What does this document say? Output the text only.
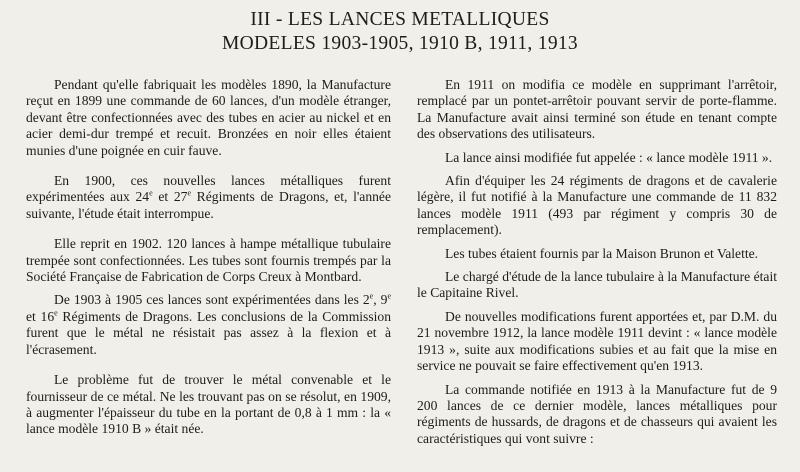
III - LES LANCES METALLIQUES
MODELES 1903-1905, 1910 B, 1911, 1913

Pendant qu'elle fabriquait les modèles 1890, la Manufacture reçut en 1899 une commande de 60 lances, d'un modèle étranger, devant être confectionnées avec des tubes en acier au nickel et en acier demi-dur trempé et recuit. Bronzées en noir elles étaient munies d'une poignée en cuir fauve.

En 1900, ces nouvelles lances métalliques furent expérimentées aux 24e et 27e Régiments de Dragons, et, l'année suivante, l'étude était interrompue.

Elle reprit en 1902. 120 lances à hampe métallique tubulaire trempée sont confectionnées. Les tubes sont fournis trempés par la Société Française de Fabrication de Corps Creux à Montbard.

De 1903 à 1905 ces lances sont expérimentées dans les 2e, 9e et 16e Régiments de Dragons. Les conclusions de la Commission furent que le métal ne résistait pas assez à la flexion et à l'écrasement.

Le problème fut de trouver le métal convenable et le fournisseur de ce métal. Ne les trouvant pas on se résolut, en 1909, à augmenter l'épaisseur du tube en la portant de 0,8 à 1 mm : la « lance modèle 1910 B » était née.

En 1911 on modifia ce modèle en supprimant l'arrêtoir, remplacé par un pontet-arrêtoir pouvant servir de porte-flamme. La Manufacture avait ainsi terminé son étude en tenant compte des observations des utilisateurs.

La lance ainsi modifiée fut appelée : « lance modèle 1911 ».

Afin d'équiper les 24 régiments de dragons et de cavalerie légère, il fut notifié à la Manufacture une commande de 11 832 lances modèle 1911 (493 par régiment y compris 30 de remplacement).

Les tubes étaient fournis par la Maison Brunon et Valette.

Le chargé d'étude de la lance tubulaire à la Manufacture était le Capitaine Rivel.

De nouvelles modifications furent apportées et, par D.M. du 21 novembre 1912, la lance modèle 1911 devint : « lance modèle 1913 », suite aux modifications subies et au fait que la mise en service ne pouvait se faire effectivement qu'en 1913.

La commande notifiée en 1913 à la Manufacture fut de 9 200 lances de ce dernier modèle, lances métalliques pour régiments de hussards, de dragons et de chasseurs qui avaient les caractéristiques qui vont suivre :
